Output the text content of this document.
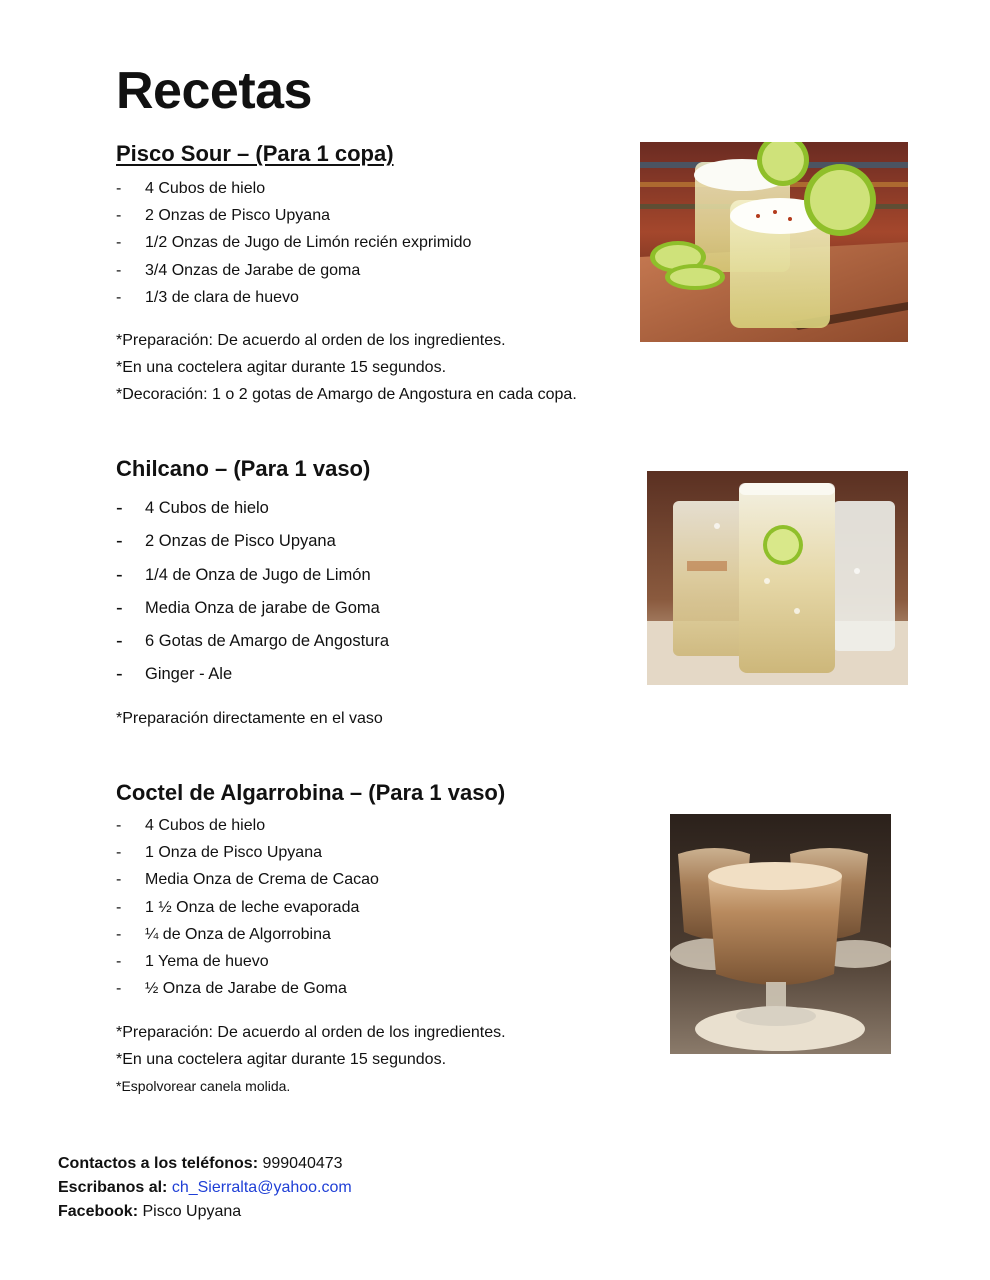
Recetas
Pisco Sour – (Para 1 copa)
- 4 Cubos de hielo
- 2 Onzas de Pisco Upyana
- 1/2 Onzas de Jugo de Limón recién exprimido
- 3/4 Onzas de Jarabe de goma
- 1/3 de clara de huevo
*Preparación: De acuerdo al orden de los ingredientes.
*En una coctelera agitar durante 15 segundos.
*Decoración: 1 o 2 gotas de Amargo de Angostura en cada copa.
Chilcano – (Para 1 vaso)
- 4 Cubos de hielo
- 2 Onzas de Pisco Upyana
- 1/4 de Onza de Jugo de Limón
- Media Onza de jarabe de Goma
- 6 Gotas de Amargo de Angostura
- Ginger - Ale
*Preparación directamente en el vaso
Coctel de Algarrobina – (Para 1 vaso)
- 4 Cubos de hielo
- 1 Onza de Pisco Upyana
- Media Onza de Crema de Cacao
- 1 ½ Onza de leche evaporada
- ¼ de Onza de Algorrobina
- 1 Yema de huevo
- ½ Onza de Jarabe de Goma
*Preparación: De acuerdo al orden de los ingredientes.
*En una coctelera agitar durante 15 segundos.
*Espolvorear canela molida.
Contactos a los teléfonos: 999040473
Escribanos al: ch_Sierralta@yahoo.com
Facebook: Pisco Upyana
